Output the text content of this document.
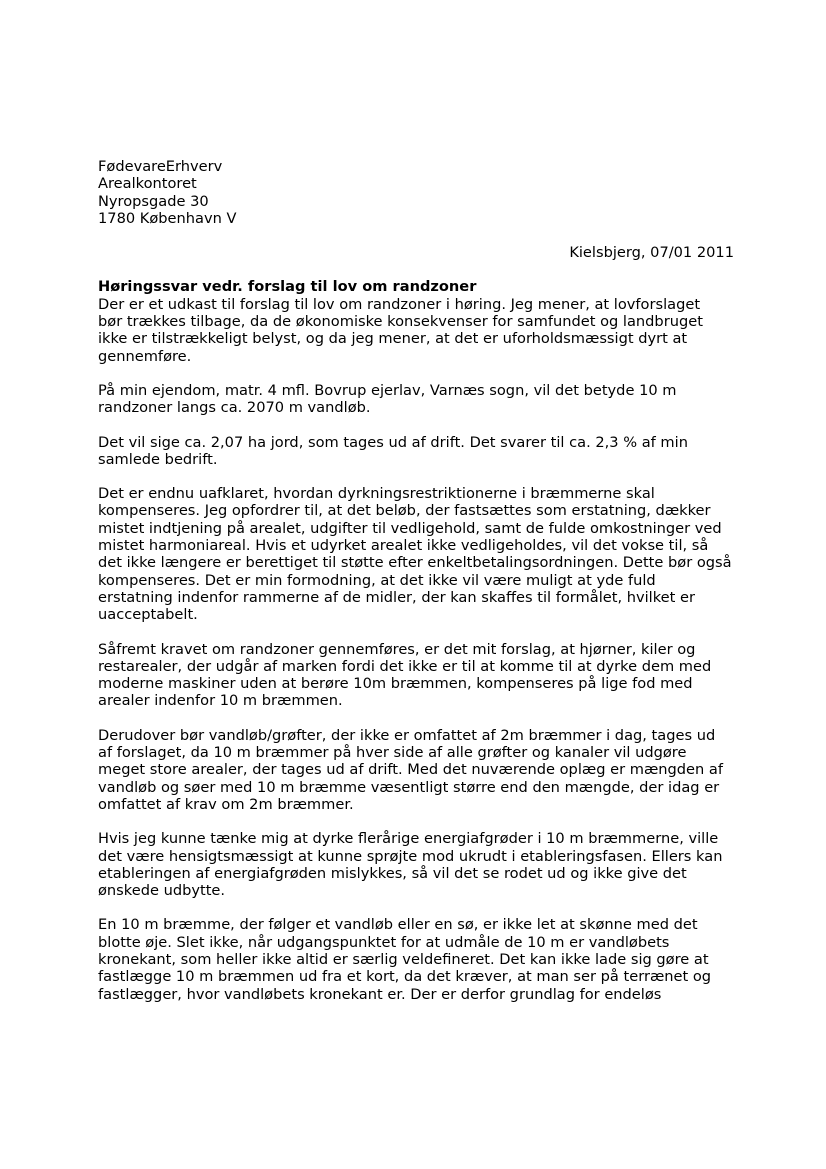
FødevareErhverv
Arealkontoret
Nyropsgade 30
1780 København V
Kielsbjerg, 07/01 2011
Høringssvar vedr. forslag til lov om randzoner
Der er et udkast til forslag til lov om randzoner i høring. Jeg mener, at lovforslaget
bør trækkes tilbage, da de økonomiske konsekvenser for samfundet og landbruget
ikke er tilstrækkeligt belyst, og da jeg mener, at det er uforholdsmæssigt dyrt at
gennemføre.
På min ejendom, matr. 4 mfl. Bovrup ejerlav, Varnæs sogn, vil det betyde 10 m
randzoner langs ca. 2070 m vandløb.
Det vil sige ca. 2,07 ha jord, som tages ud af drift. Det svarer til ca. 2,3 % af min
samlede bedrift.
Det er endnu uafklaret, hvordan dyrkningsrestriktionerne i bræmmerne skal
kompenseres. Jeg opfordrer til, at det beløb, der fastsættes som erstatning, dækker
mistet indtjening på arealet, udgifter til vedligehold, samt de fulde omkostninger ved
mistet harmoniareal. Hvis et udyrket arealet ikke vedligeholdes, vil det vokse til, så
det ikke længere er berettiget til støtte efter enkeltbetalingsordningen. Dette bør også
kompenseres. Det er min formodning, at det ikke vil være muligt at yde fuld
erstatning indenfor rammerne af de midler, der kan skaffes til formålet, hvilket er
uacceptabelt.
Såfremt kravet om randzoner gennemføres, er det mit forslag, at hjørner, kiler og
restarealer, der udgår af marken fordi det ikke er til at komme til at dyrke dem med
moderne maskiner uden at berøre 10m bræmmen, kompenseres på lige fod med
arealer indenfor 10 m bræmmen.
Derudover bør vandløb/grøfter, der ikke er omfattet af 2m bræmmer i dag, tages ud
af forslaget, da 10 m bræmmer på hver side af alle grøfter og kanaler vil udgøre
meget store arealer, der tages ud af drift. Med det nuværende oplæg er mængden af
vandløb og søer med 10 m bræmme væsentligt større end den mængde, der idag er
omfattet af krav om 2m bræmmer.
Hvis jeg kunne tænke mig at dyrke flerårige energiafgrøder i 10 m bræmmerne, ville
det være hensigtsmæssigt at kunne sprøjte mod ukrudt i etableringsfasen. Ellers kan
etableringen af energiafgrøden mislykkes, så vil det se rodet ud og ikke give det
ønskede udbytte.
En 10 m bræmme, der følger et vandløb eller en sø, er ikke let at skønne med det
blotte øje. Slet ikke, når udgangspunktet for at udmåle de 10 m er vandløbets
kronekant, som heller ikke altid er særlig veldefineret. Det kan ikke lade sig gøre at
fastlægge 10 m bræmmen ud fra et kort, da det kræver, at man ser på terrænet og
fastlægger, hvor vandløbets kronekant er. Der er derfor grundlag for endeløs
